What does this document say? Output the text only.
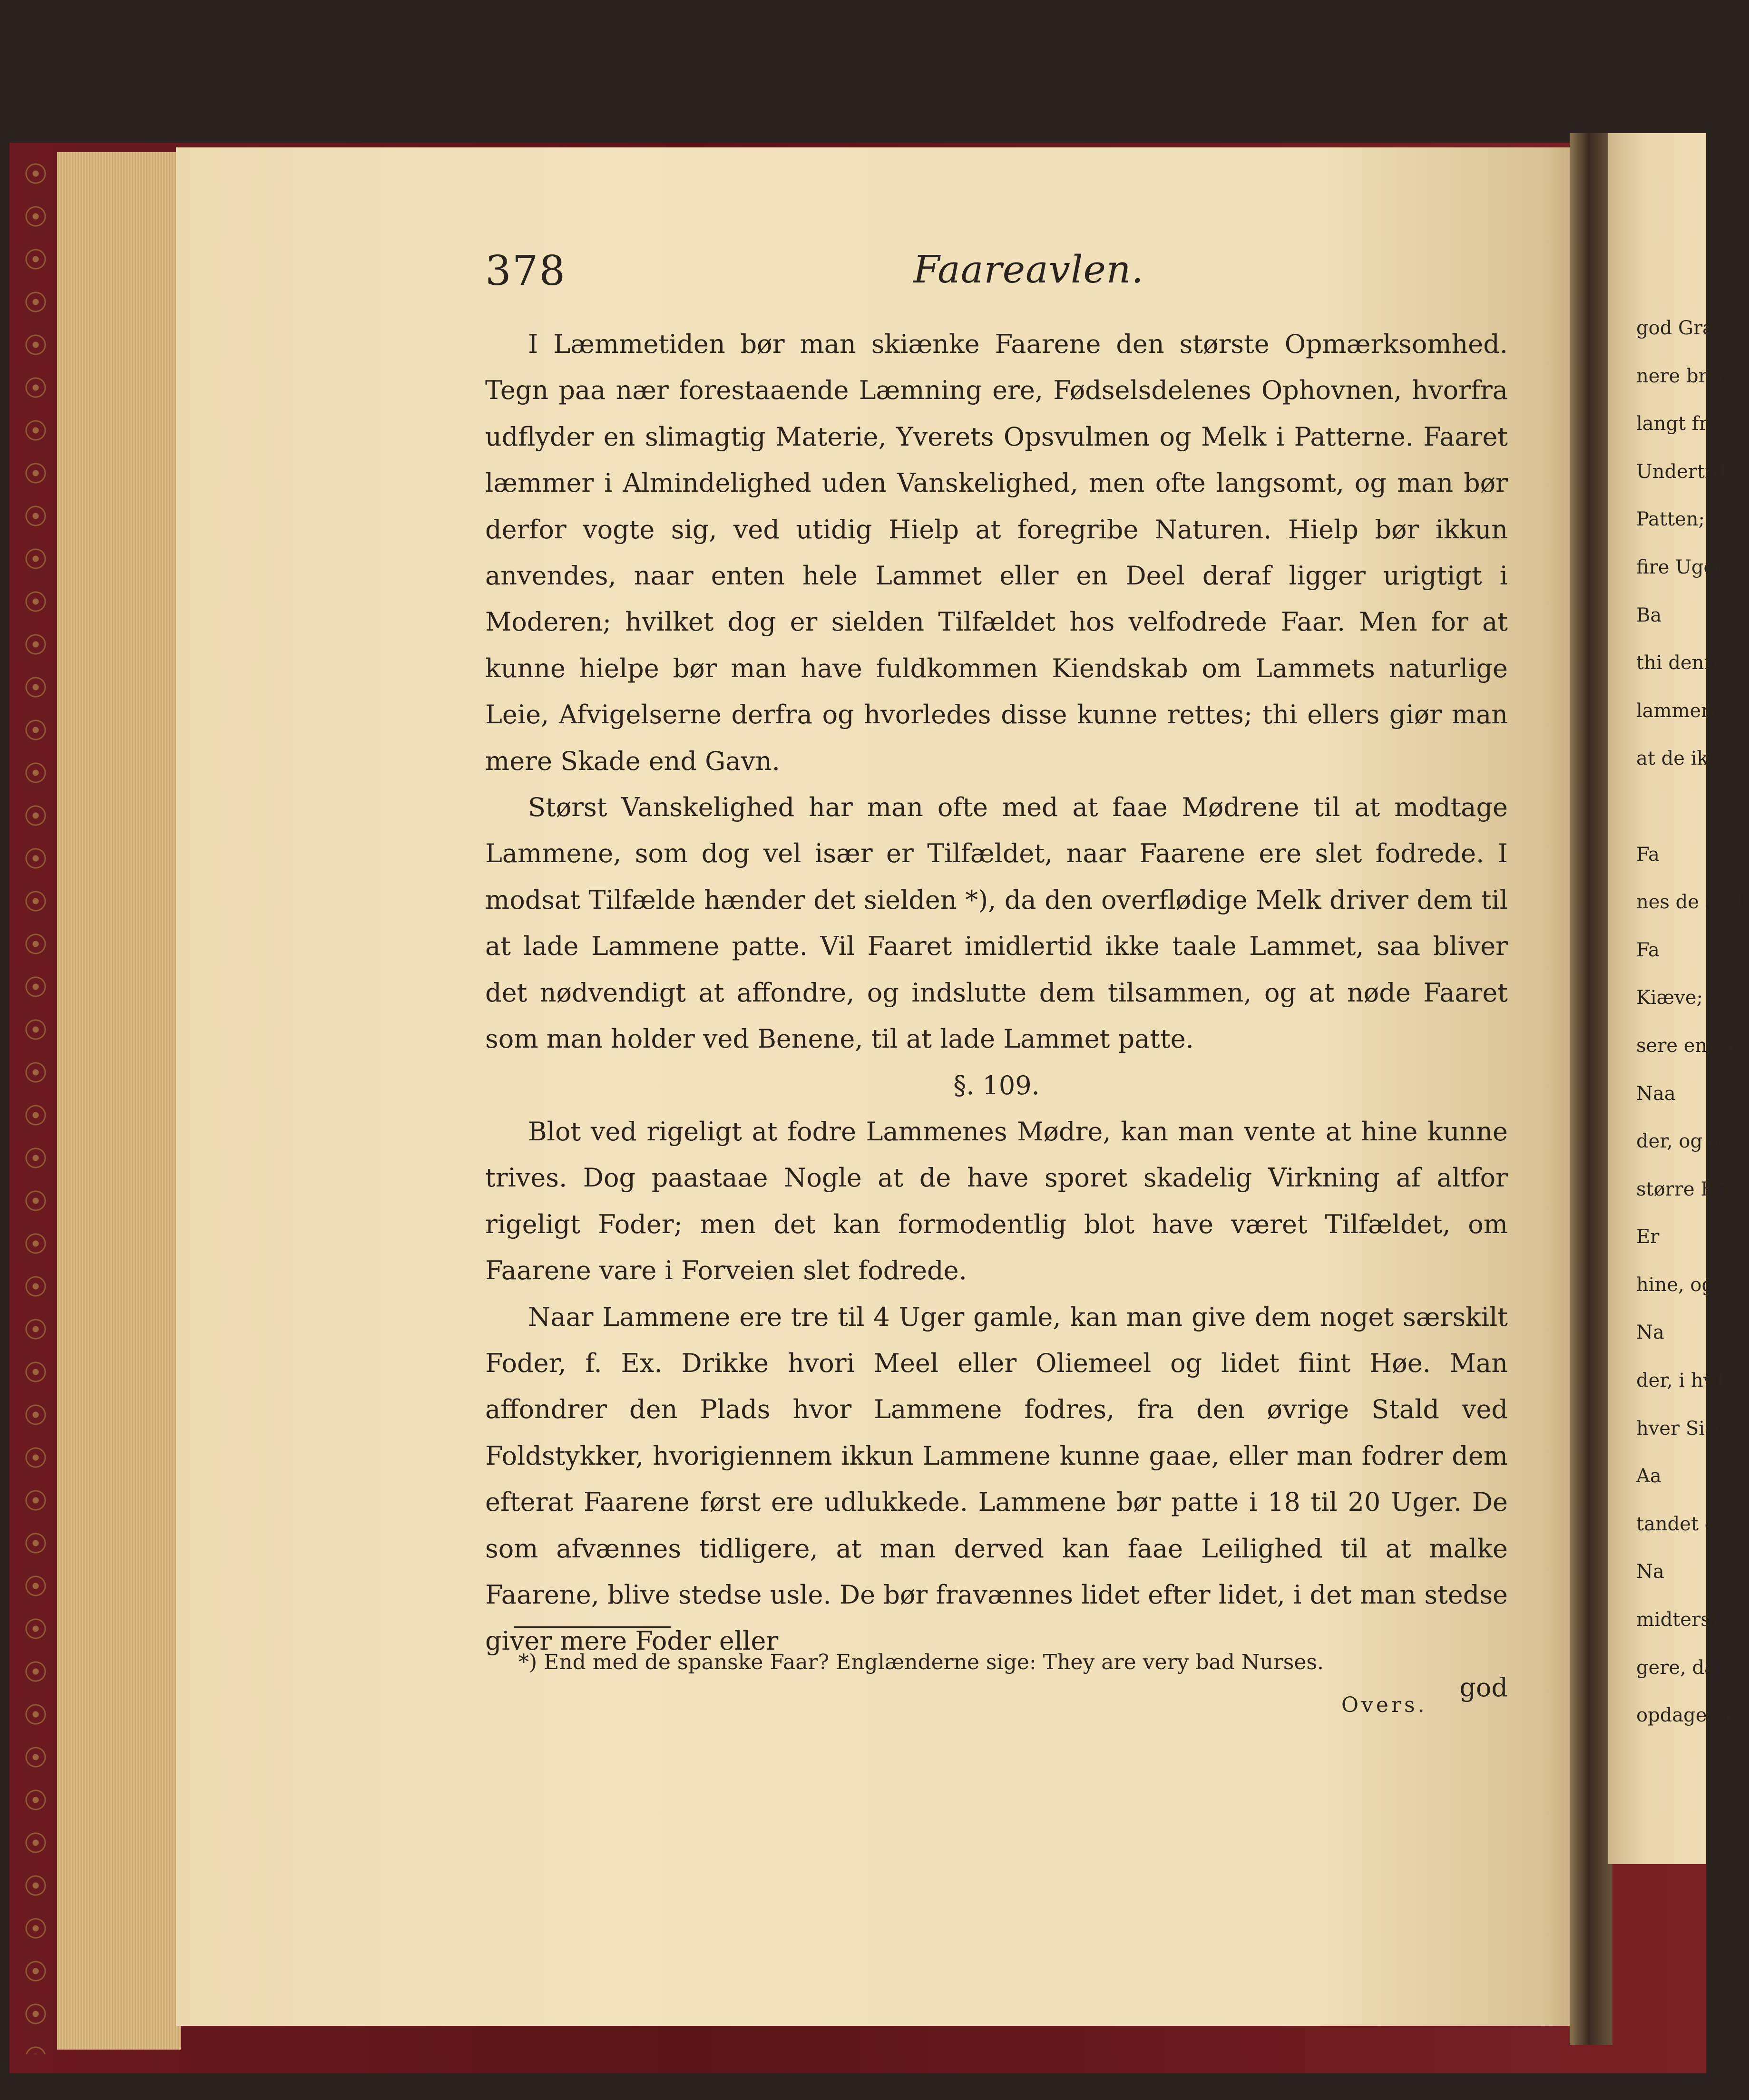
378	Faareavlen.

I Læmmetiden bør man skiænke Faarene den største Opmærksomhed. Tegn paa nær forestaaende Læmning ere, Fødselsdelenes Ophovnen, hvorfra udflyder en slimagtig Materie, Yverets Opsvulmen og Melk i Patterne. Faaret læmmer i Almindelighed uden Vanskelighed, men ofte langsomt, og man bør derfor vogte sig, ved utidig Hielp at foregribe Naturen. Hielp bør ikkun anvendes, naar enten hele Lammet eller en Deel deraf ligger urigtigt i Moderen; hvilket dog er sielden Tilfældet hos velfodrede Faar. Men for at kunne hielpe bør man have fuldkommen Kiendskab om Lammets naturlige Leie, Afvigelserne derfra og hvorledes disse kunne rettes; thi ellers giør man mere Skade end Gavn.

Størst Vanskelighed har man ofte med at faae Mødrene til at modtage Lammene, som dog vel især er Tilfældet, naar Faarene ere slet fodrede. I modsat Tilfælde hænder det sielden *), da den overflødige Melk driver dem til at lade Lammene patte. Vil Faaret imidlertid ikke taale Lammet, saa bliver det nødvendigt at affondre, og indslutte dem tilsammen, og at nøde Faaret som man holder ved Benene, til at lade Lammet patte.

§. 109.

Blot ved rigeligt at fodre Lammenes Mødre, kan man vente at hine kunne trives. Dog paastaae Nogle at de have sporet skadelig Virkning af altfor rigeligt Foder; men det kan formodentlig blot have været Tilfældet, om Faarene vare i Forveien slet fodrede.

Naar Lammene ere tre til 4 Uger gamle, kan man give dem noget særskilt Foder, f. Ex. Drikke hvori Meel eller Oliemeel og lidet fiint Høe. Man affondrer den Plads hvor Lammene fodres, fra den øvrige Stald ved Foldstykker, hvorigiennem ikkun Lammene kunne gaae, eller man fodrer dem efterat Faarene først ere udlukkede. Lammene bør patte i 18 til 20 Uger. De som afvænnes tidligere, at man derved kan faae Leilighed til at malke Faarene, blive stedse usle. De bør fravænnes lidet efter lidet, i det man stedse giver mere Foder eller

god

*) End med de spanske Faar? Englænderne sige: They are very bad Nurses.
Overs.
god Græs
nere brin
langt fr
Undertid
Patten;
fire Uger
Ba
thi denne
lammene
at de ikke
Fa
nes de sæd
Fa
Kiæve; i
sere end de
Naa
der, og m
større Bre
Er
hine, og
Na
der, i hvil
hver Side
Aa
tandet ell
Na
midterste
gere, da
opdager n
